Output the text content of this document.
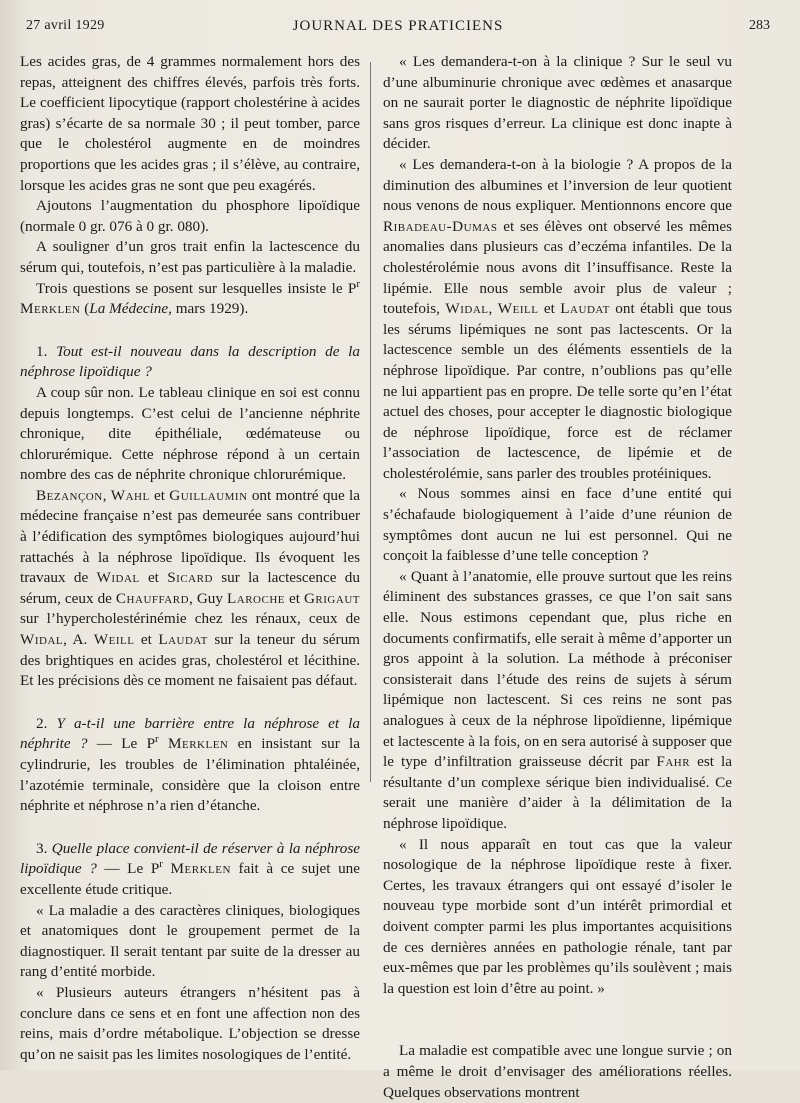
27 avril 1929	JOURNAL DES PRATICIENS	283

Les acides gras, de 4 grammes normalement hors des repas, atteignent des chiffres élevés, parfois très forts. Le coefficient lipocytique (rapport cholestérine à acides gras) s’écarte de sa normale 30 ; il peut tomber, parce que le cholestérol augmente en de moindres proportions que les acides gras ; il s’élève, au contraire, lorsque les acides gras ne sont que peu exagérés.

Ajoutons l’augmentation du phosphore lipoïdique (normale 0 gr. 076 à 0 gr. 080).

A souligner d’un gros trait enfin la lactescence du sérum qui, toutefois, n’est pas particulière à la maladie.

Trois questions se posent sur lesquelles insiste le $P^r$ Merklen (La Médecine, mars 1929).

1. Tout est-il nouveau dans la description de la néphrose lipoïdique ?

A coup sûr non. Le tableau clinique en soi est connu depuis longtemps. C’est celui de l’ancienne néphrite chronique, dite épithéliale, œdémateuse ou chlorurémique. Cette néphrose répond à un certain nombre des cas de néphrite chronique chlorurémique.

Bezançon, Wahl et Guillaumin ont montré que la médecine française n’est pas demeurée sans contribuer à l’édification des symptômes biologiques aujourd’hui rattachés à la néphrose lipoïdique. Ils évoquent les travaux de Widal et Sicard sur la lactescence du sérum, ceux de Chauffard, Guy Laroche et Grigaut sur l’hypercholestérinémie chez les rénaux, ceux de Widal, A. Weill et Laudat sur la teneur du sérum des brightiques en acides gras, cholestérol et lécithine. Et les précisions dès ce moment ne faisaient pas défaut.

2. Y a-t-il une barrière entre la néphrose et la néphrite ? — Le $P^r$ Merklen en insistant sur la cylindrurie, les troubles de l’élimination phtaléinée, l’azotémie terminale, considère que la cloison entre néphrite et néphrose n’a rien d’étanche.

3. Quelle place convient-il de réserver à la néphrose lipoïdique ? — Le $P^r$ Merklen fait à ce sujet une excellente étude critique.

« La maladie a des caractères cliniques, biologiques et anatomiques dont le groupement permet de la diagnostiquer. Il serait tentant par suite de la dresser au rang d’entité morbide.

« Plusieurs auteurs étrangers n’hésitent pas à conclure dans ce sens et en font une affection non des reins, mais d’ordre métabolique. L’objection se dresse qu’on ne saisit pas les limites nosologiques de l’entité.

« Les demandera-t-on à la clinique ? Sur le seul vu d’une albuminurie chronique avec œdèmes et anasarque on ne saurait porter le diagnostic de néphrite lipoïdique sans gros risques d’erreur. La clinique est donc inapte à décider.

« Les demandera-t-on à la biologie ? A propos de la diminution des albumines et l’inversion de leur quotient nous venons de nous expliquer. Mentionnons encore que Ribadeau-Dumas et ses élèves ont observé les mêmes anomalies dans plusieurs cas d’eczéma infantiles. De la cholestérolémie nous avons dit l’insuffisance. Reste la lipémie. Elle nous semble avoir plus de valeur ; toutefois, Widal, Weill et Laudat ont établi que tous les sérums lipémiques ne sont pas lactescents. Or la lactescence semble un des éléments essentiels de la néphrose lipoïdique. Par contre, n’oublions pas qu’elle ne lui appartient pas en propre. De telle sorte qu’en l’état actuel des choses, pour accepter le diagnostic biologique de néphrose lipoïdique, force est de réclamer l’association de lactescence, de lipémie et de cholestérolémie, sans parler des troubles protéiniques.

« Nous sommes ainsi en face d’une entité qui s’échafaude biologiquement à l’aide d’une réunion de symptômes dont aucun ne lui est personnel. Qui ne conçoit la faiblesse d’une telle conception ?

« Quant à l’anatomie, elle prouve surtout que les reins éliminent des substances grasses, ce que l’on sait sans elle. Nous estimons cependant que, plus riche en documents confirmatifs, elle serait à même d’apporter un gros appoint à la solution. La méthode à préconiser consisterait dans l’étude des reins de sujets à sérum lipémique non lactescent. Si ces reins ne sont pas analogues à ceux de la néphrose lipoïdienne, lipémique et lactescente à la fois, on en sera autorisé à supposer que le type d’infiltration graisseuse décrit par Fahr est la résultante d’un complexe sérique bien individualisé. Ce serait une manière d’aider à la délimitation de la néphrose lipoïdique.

« Il nous apparaît en tout cas que la valeur nosologique de la néphrose lipoïdique reste à fixer. Certes, les travaux étrangers qui ont essayé d’isoler le nouveau type morbide sont d’un intérêt primordial et doivent compter parmi les plus importantes acquisitions de ces dernières années en pathologie rénale, tant par eux-mêmes que par les problèmes qu’ils soulèvent ; mais la question est loin d’être au point. »

La maladie est compatible avec une longue survie ; on a même le droit d’envisager des améliorations réelles. Quelques observations montrent
